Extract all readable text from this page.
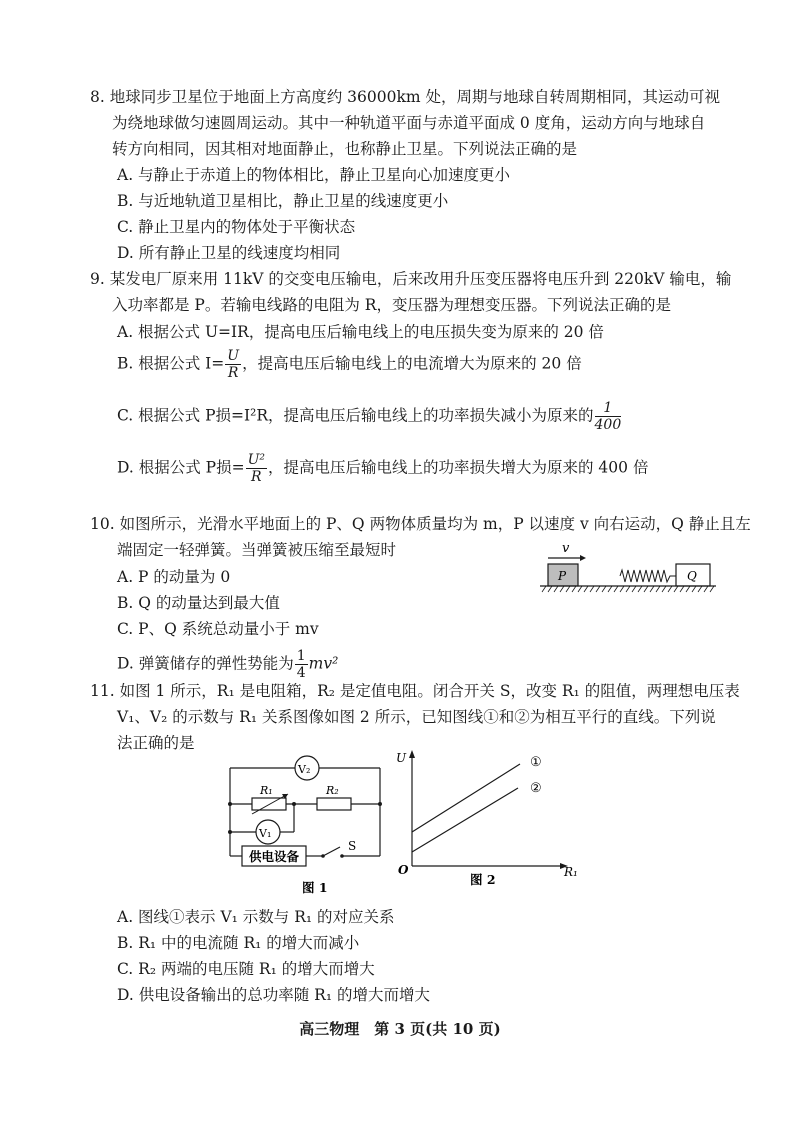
8. 地球同步卫星位于地面上方高度约 36000km 处，周期与地球自转周期相同，其运动可视
为绕地球做匀速圆周运动。其中一种轨道平面与赤道平面成 0 度角，运动方向与地球自
转方向相同，因其相对地面静止，也称静止卫星。下列说法正确的是
A. 与静止于赤道上的物体相比，静止卫星向心加速度更小
B. 与近地轨道卫星相比，静止卫星的线速度更小
C. 静止卫星内的物体处于平衡状态
D. 所有静止卫星的线速度均相同
9. 某发电厂原来用 11kV 的交变电压输电，后来改用升压变压器将电压升到 220kV 输电，输
入功率都是 P。若输电线路的电阻为 R，变压器为理想变压器。下列说法正确的是
A. 根据公式 U=IR，提高电压后输电线上的电压损失变为原来的 20 倍
B. 根据公式 $I= \frac{U}{R}$ ，提高电压后输电线上的电流增大为原来的 20 倍
C. 根据公式 P损=I²R，提高电压后输电线上的功率损失减小为原来的 $\frac{1}{400}$
D. 根据公式 P损= $\frac{\text{U²}}{R}$ ，提高电压后输电线上的功率损失增大为原来的 400 倍
10. 如图所示，光滑水平地面上的 P、Q 两物体质量均为 m，P 以速度 v 向右运动，Q 静止且左
端固定一轻弹簧。当弹簧被压缩至最短时
A. P 的动量为 0
B. Q 的动量达到最大值
C. P、Q 系统总动量小于 mv
D. 弹簧储存的弹性势能为 $\frac{1}{4} mv^2$
v
P	Q
11. 如图 1 所示，R₁ 是电阻箱，R₂ 是定值电阻。闭合开关 S，改变 R₁ 的阻值，两理想电压表
V₁、V₂ 的示数与 R₁ 关系图像如图 2 所示，已知图线①和②为相互平行的直线。下列说
法正确的是
V₂
R₁	R₂
V₁
供电设备
S
图 1
U
R₁
O
①
②
图 2
A. 图线①表示 V₁ 示数与 R₁ 的对应关系
B. R₁ 中的电流随 R₁ 的增大而减小
C. R₂ 两端的电压随 R₁ 的增大而增大
D. 供电设备输出的总功率随 R₁ 的增大而增大
高三物理　第 3 页(共 10 页)
